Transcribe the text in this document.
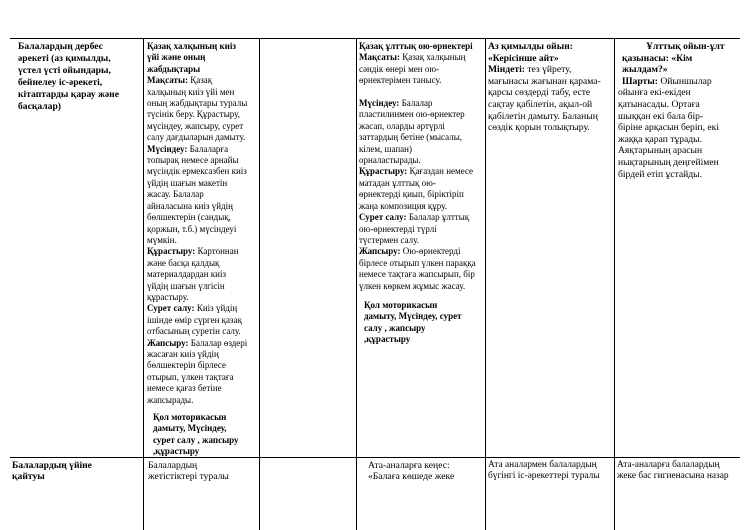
Балалардың дербес
әрекеті (аз қимылды,
үстел үсті ойындары,
бейнелеу іс-әрекеті,
кітаптарды қарау және
басқалар)
Қазақ халқының киіз
үйі және оның
жабдықтары
Мақсаты: Қазақ
халқының киіз үйі мен
оның жабдықтары туралы
түсінік беру. Құрастыру,
мүсіндеу, жапсыру, сурет
салу дағдыларын дамыту.
Мүсіндеу: Балаларға
топырақ немесе арнайы
мүсіндік ермексазбен киіз
үйдің шағын макетін
жасау. Балалар
айналасына киіз үйдің
бөлшектерін (сандық,
қоржын, т.б.) мүсіндеуі
мүмкін.
Құрастыру: Картоннан
және басқа қалдық
материалдардан киіз
үйдің шағын үлгісін
құрастыру.
Сурет салу: Киіз үйдің
ішінде өмір сүрген қазақ
отбасының суретін салу.
Жапсыру: Балалар өздері
жасаған киіз үйдің
бөлшектерін бірлесе
отырып, үлкен тақтаға
немесе қағаз бетіне
жапсырады.
Қол моторикасын
дамыту, Мүсіндеу,
сурет салу , жапсыру
,құрастыру
Қазақ ұлттық ою-өрнектері
Мақсаты: Қазақ халқының
сәндік өнері мен ою-
өрнектерімен танысу.

Мүсіндеу: Балалар
пластилинмен ою-өрнектер
жасап, оларды әртүрлі
заттардың бетіне (мысалы,
кілем, шапан)
орналастырады.
Құрастыру: Қағаздан немесе
матадан ұлттық ою-
өрнектерді қиып, біріктіріп
жаңа композиция құру.
Сурет салу: Балалар ұлттық
ою-өрнектерді түрлі
түстермен салу.
Жапсыру: Ою-өрнектерді
бірлесе отырып үлкен параққа
немесе тақтаға жапсырып, бір
үлкен көркем жұмыс жасау.
Қол моторикасын
дамыту, Мүсіндеу, сурет
салу , жапсыру
,құрастыру
Аз қимылды ойын:
«Керісінше айт»
Міндеті: тез үйрету,
мағынасы жағынан қарама-
қарсы сөздерді табу, есте
сақтау қабілетін, ақыл-ой
қабілетін дамыту. Баланың
сөздік қорын толықтыру.
Ұлттық ойын-ұлт
қазынасы: «Кім
жылдам?»
Шарты: Ойыншылар
ойынға екі-екіден
қатынасады. Ортаға
шыққан екі бала бір-
біріне арқасын беріп, екі
жаққа қарап тұрады.
Аяқтарының арасын
нықтарының деңгейімен
бірдей етіп ұстайды.
Балалардың үйіне
қайтуы
Балалардың
жетістіктері туралы
Ата-аналарға кеңес:
«Балаға көшеде жеке
Ата аналармен балалардың
бүгінгі іс-әрекеттері туралы
Ата-аналарға балалардың
жеке бас гигиенасына назар
